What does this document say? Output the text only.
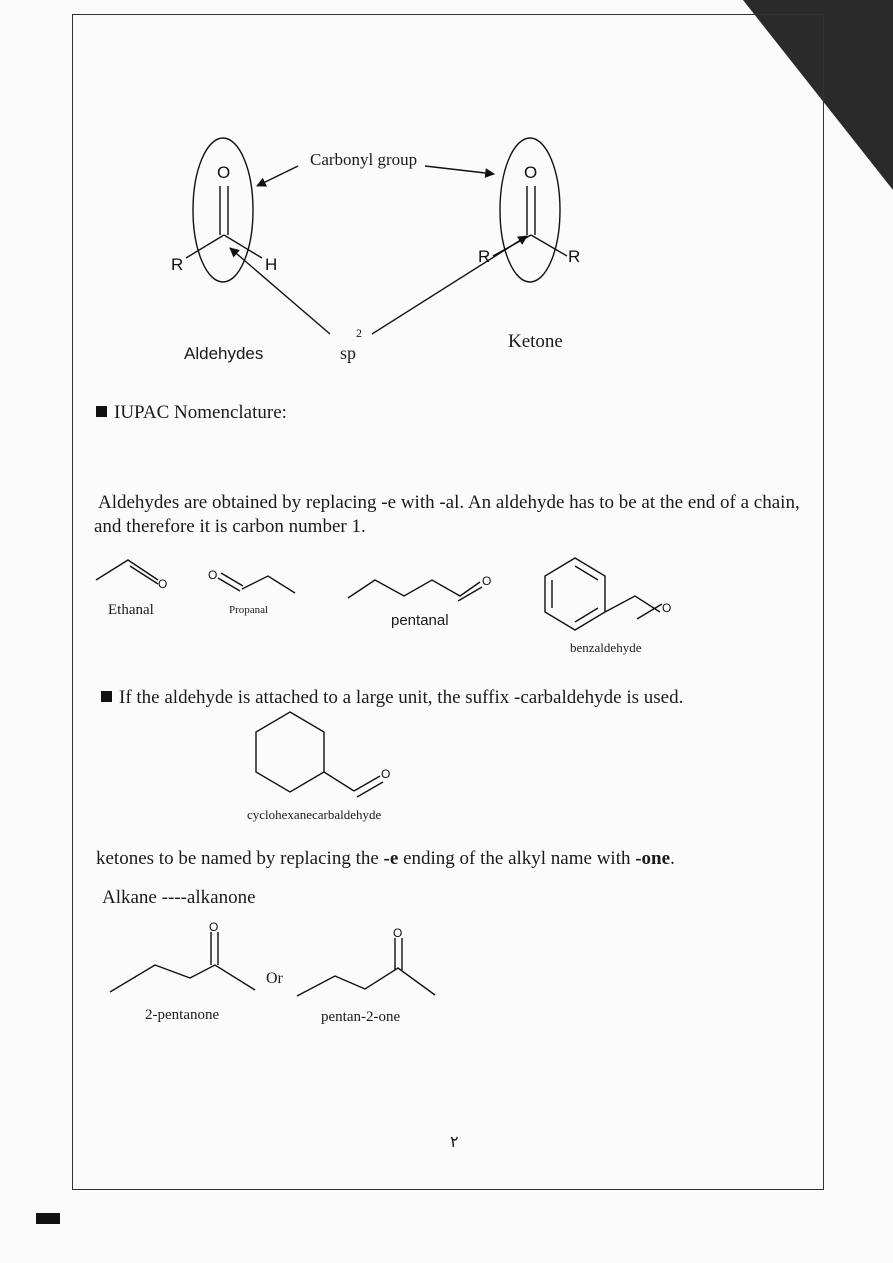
O
R	H
O
R	R
O
O	O
O
O
O	O
Carbonyl group
Aldehydes	sp
2	Ketone
IUPAC Nomenclature:
Aldehydes are obtained by replacing -e with -al. An aldehyde has to be at the end of a chain,
and therefore it is carbon number 1.
Ethanal	Propanal
pentanal
benzaldehyde
If the aldehyde is attached to a large unit, the suffix -carbaldehyde is used.
cyclohexanecarbaldehyde
ketones to be named by replacing the -e ending of the alkyl name with -one.
Alkane ----alkanone
2-pentanone
Or
pentan-2-one
٢
